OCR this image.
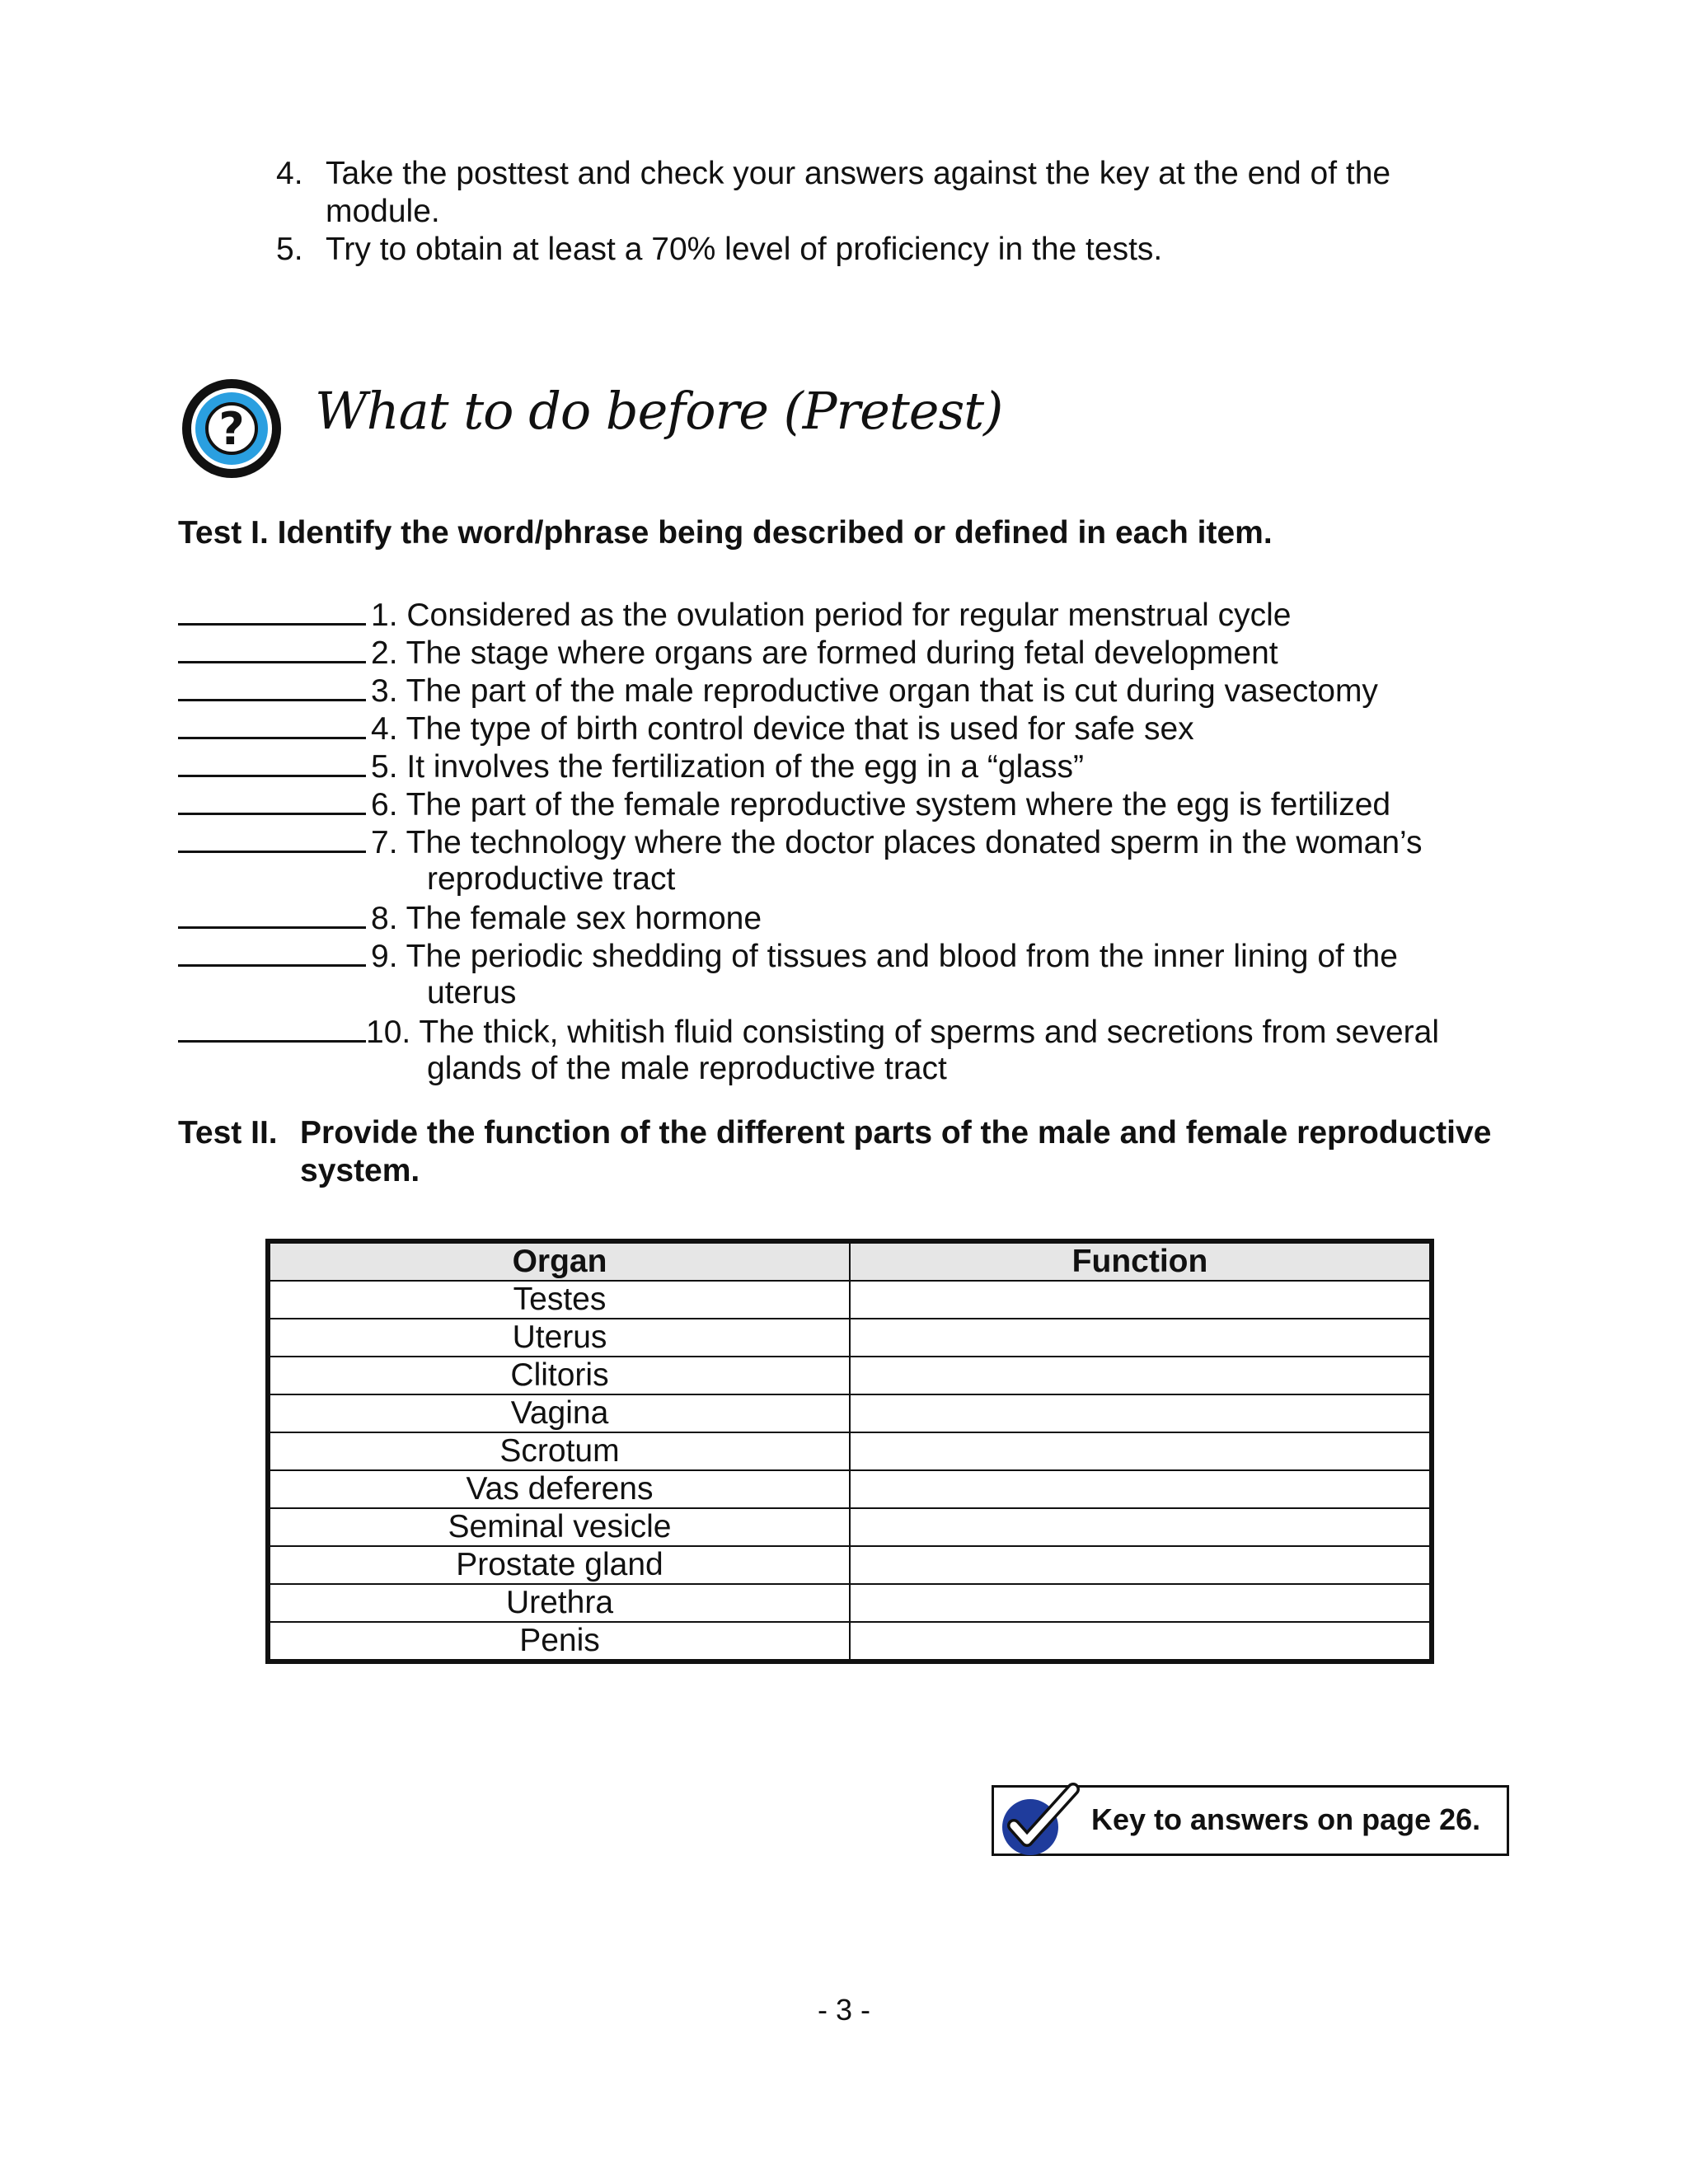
4. Take the posttest and check your answers against the key at the end of the
module.
5. Try to obtain at least a 70% level of proficiency in the tests.
? What to do before (Pretest)
Test I. Identify the word/phrase being described or defined in each item.
1. Considered as the ovulation period for regular menstrual cycle
2. The stage where organs are formed during fetal development
3. The part of the male reproductive organ that is cut during vasectomy
4. The type of birth control device that is used for safe sex
5. It involves the fertilization of the egg in a “glass”
6. The part of the female reproductive system where the egg is fertilized
7. The technology where the doctor places donated sperm in the woman’s
reproductive tract
8. The female sex hormone
9. The periodic shedding of tissues and blood from the inner lining of the
uterus
10. The thick, whitish fluid consisting of sperms and secretions from several
glands of the male reproductive tract
Test II. Provide the function of the different parts of the male and female reproductive
system.
Organ	Function
Testes	
Uterus	
Clitoris	
Vagina	
Scrotum	
Vas deferens	
Seminal vesicle	
Prostate gland	
Urethra	
Penis	
Key to answers on page 26.
- 3 -
